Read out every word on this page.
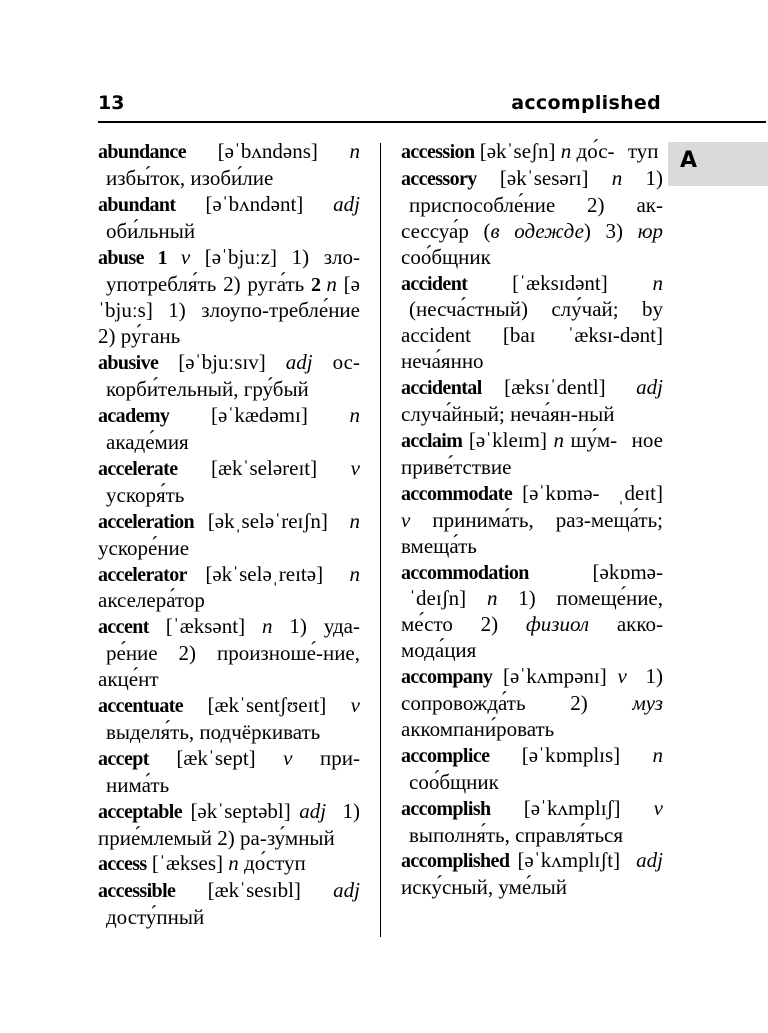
13	accomplished
A
abundance [əˈbʌndəns] n избы́ток, изоби́лие
abundant [əˈbʌndənt] adj оби́льный
abuse 1 v [əˈbjuːz] 1) зло- употребля́ть 2) руга́ть 2 n [əˈbjuːs] 1) злоупо-трeбле́ние 2) ру́гань
abusive [əˈbjuːsɪv] adj ос- корби́тельный, гру́бый
academy [əˈkædəmɪ] n акаде́мия
accelerate [ækˈseləreɪt] v ускоря́ть
acceleration [əkˌseləˈreɪʃn] n ускоре́ние
accelerator [əkˈseləˌreɪtə] n акселера́тор
accent [ˈæksənt] n 1) уда- ре́ние 2) произноше́-ние, акце́нт
accentuate [ækˈsentʃʊeɪt] v выделя́ть, подчёркивать
accept [ækˈsept] v при- нима́ть
acceptable [əkˈseptəbl] adj 1) прие́млемый 2) ра-зу́мный
access [ˈækses] n до́ступ
accessible [ækˈsesɪbl] adj досту́пный
accession [əkˈseʃn] n до́с- туп
accessory [əkˈsesərɪ] n 1) приспособле́ние 2) ак-сессуа́р (в одежде) 3) юр соо́бщник
accident [ˈæksɪdənt] n (несча́стный) слу́чай; by accident [baɪ ˈæksɪ-dənt] неча́янно
accidental [æksɪˈdentl] adj случа́йный; неча́ян-ный
acclaim [əˈkleɪm] n шу́м- ное приве́тствие
accommodate [əˈkɒmə- ˌdeɪt] v принима́ть, раз-меща́ть; вмеща́ть
accommodation [əkɒmə- ˈdeɪʃn] n 1) помеще́ние, ме́сто 2) физиол акко-мода́ция
accompany [əˈkʌmpənɪ] v 1) сопровожда́ть 2) муз аккомпани́ровать
accomplice [əˈkɒmplɪs] n соо́бщник
accomplish [əˈkʌmplɪʃ] v выполня́ть, справля́ться
accomplished [əˈkʌmplɪʃt] adj иску́сный, уме́лый
